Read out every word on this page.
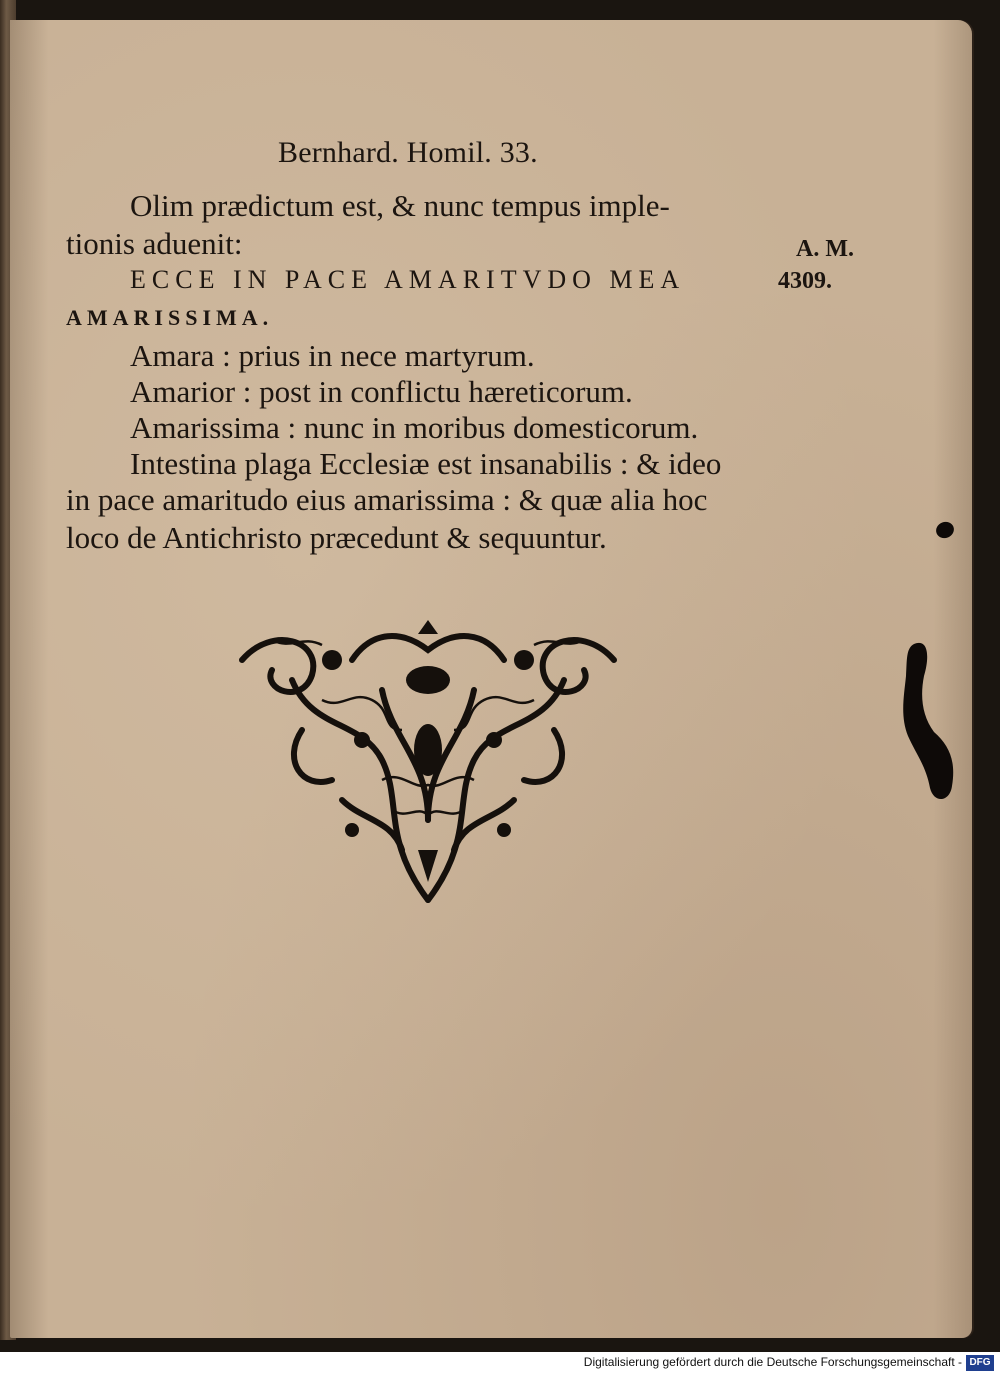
Bernhard. Homil. 33.
Olim prædictum est, & nunc tempus imple-
tionis aduenit:
ECCE IN PACE AMARITVDO MEA
AMARISSIMA.
Amara : prius in nece martyrum.
Amarior : post in conflictu hæreticorum.
Amarissima : nunc in moribus domesticorum.
Intestina plaga Ecclesiæ est insanabilis : & ideo
in pace amaritudo eius amarissima : & quæ alia hoc
loco de Antichristo præcedunt & sequuntur.
A. M.
4309.
Digitalisierung gefördert durch die Deutsche Forschungsgemeinschaft - DFG
